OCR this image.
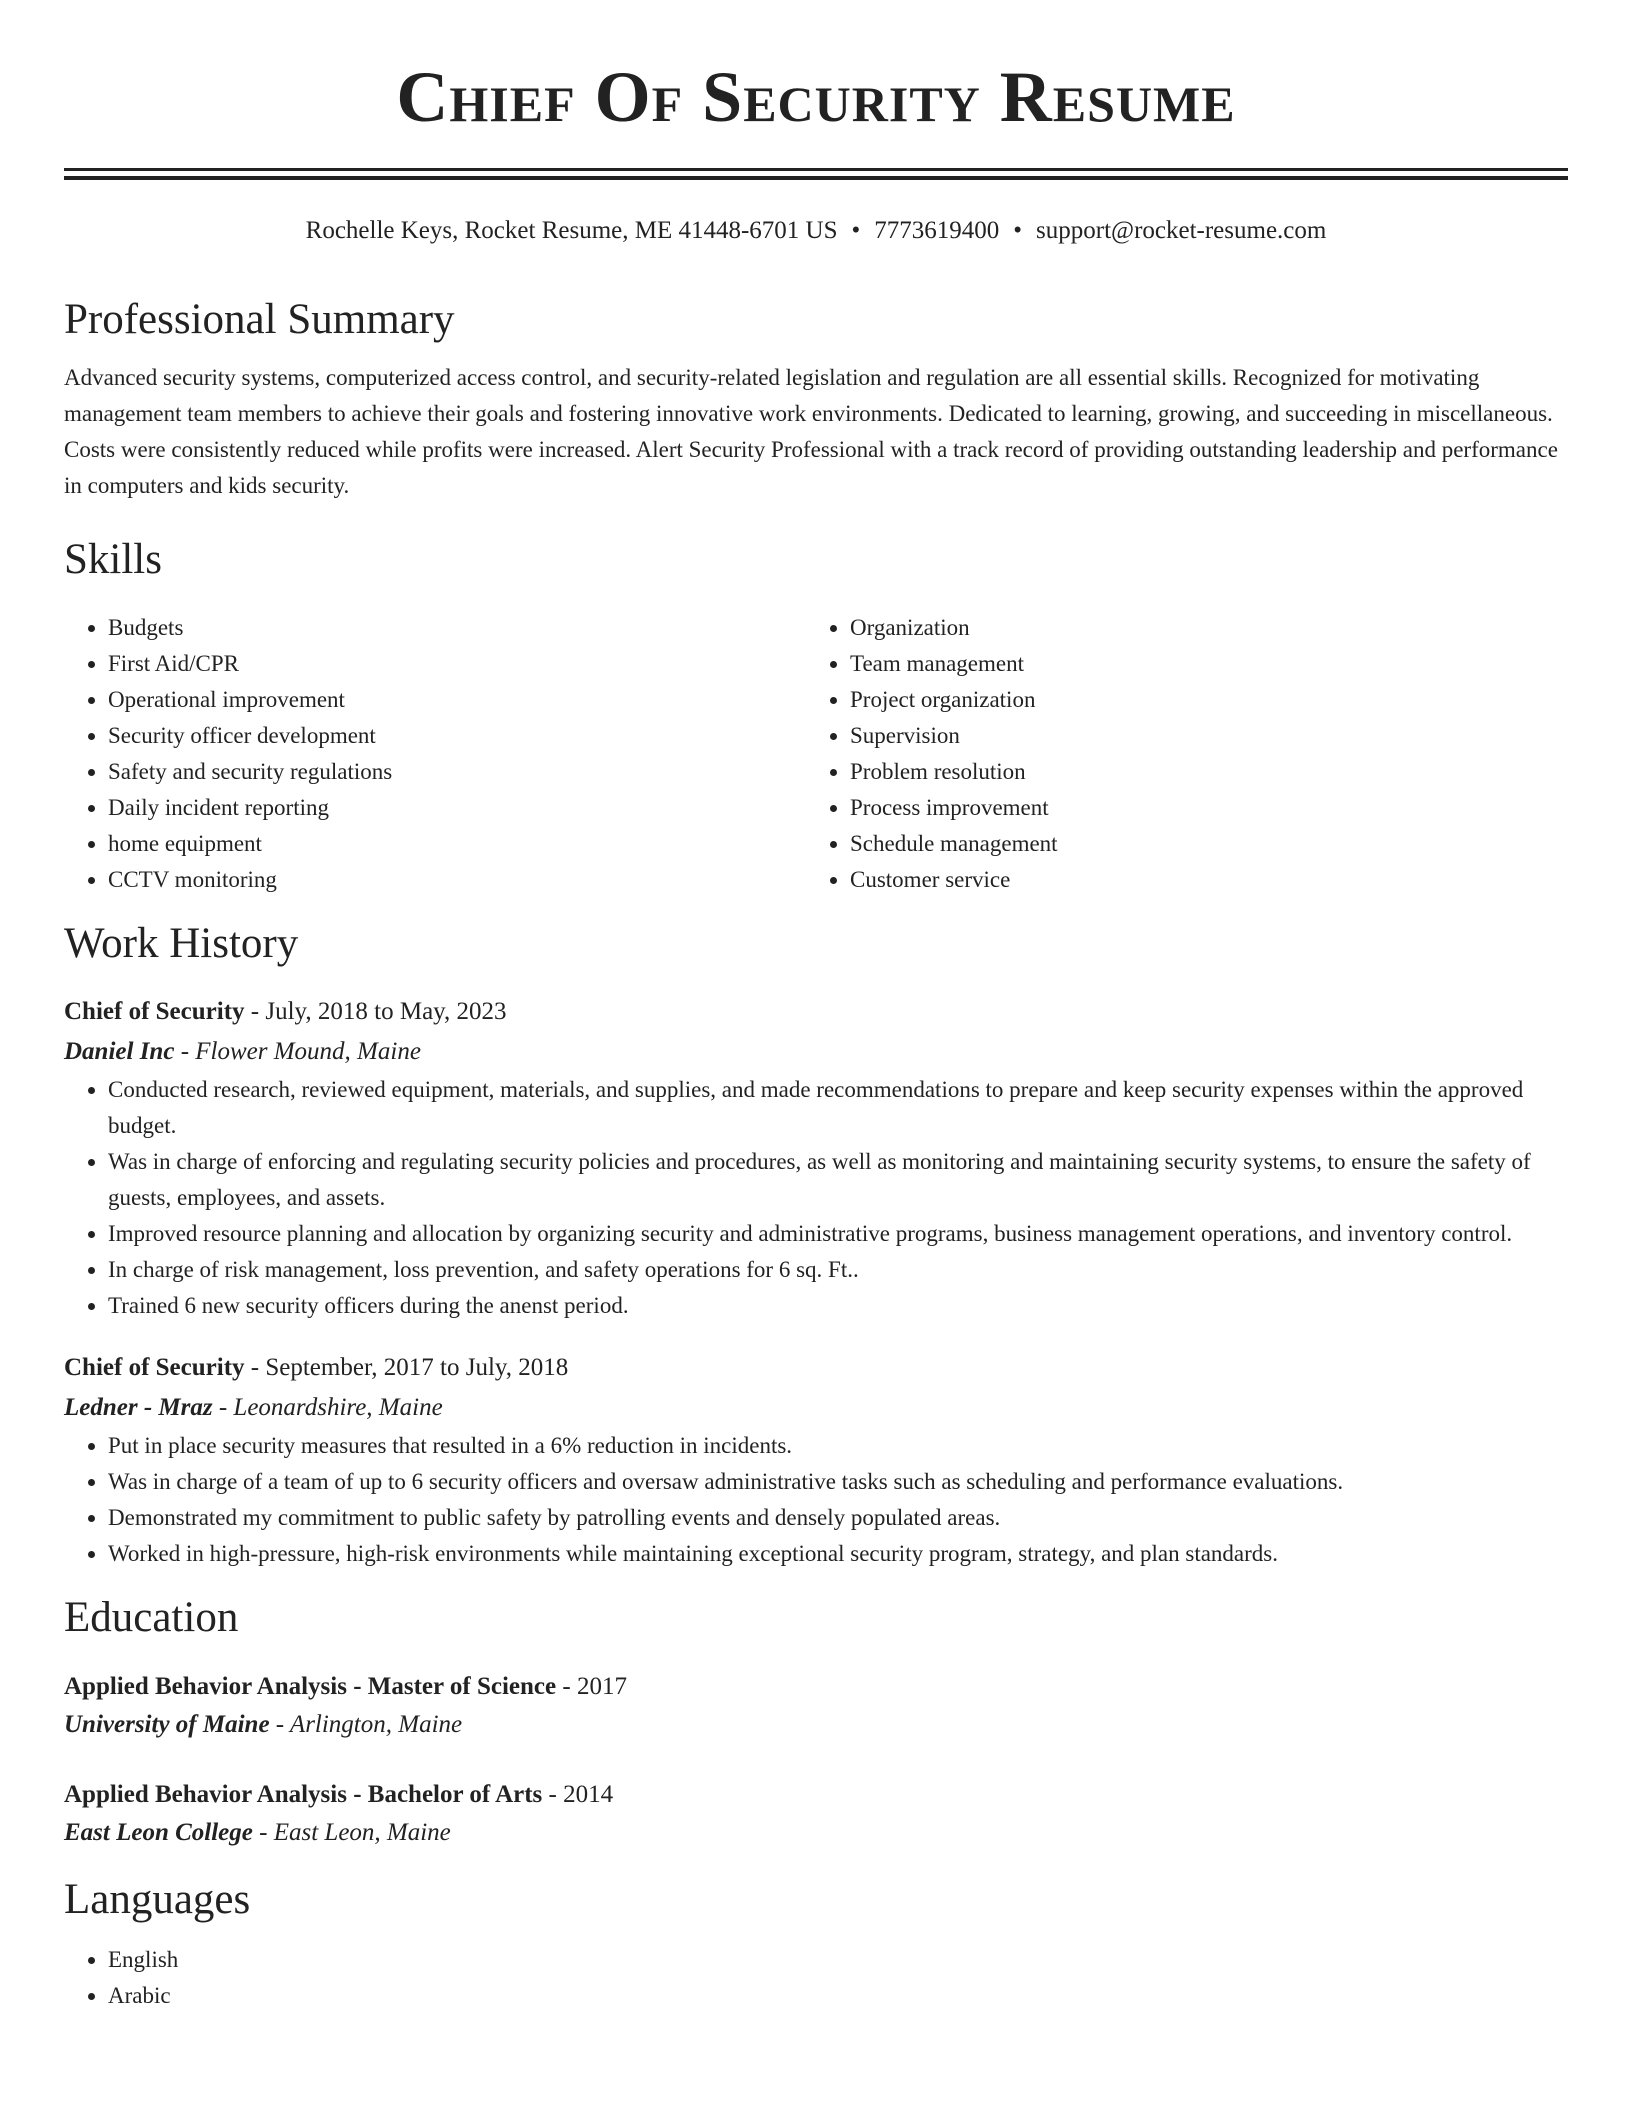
Chief Of Security Resume
Rochelle Keys, Rocket Resume, ME 41448-6701 US • 7773619400 • support@rocket-resume.com
Professional Summary

Advanced security systems, computerized access control, and security-related legislation and regulation are all essential skills. Recognized for motivating management team members to achieve their goals and fostering innovative work environments. Dedicated to learning, growing, and succeeding in miscellaneous. Costs were consistently reduced while profits were increased. Alert Security Professional with a track record of providing outstanding leadership and performance in computers and kids security.

Skills
• Budgets
• First Aid/CPR
• Operational improvement
• Security officer development
• Safety and security regulations
• Daily incident reporting
• home equipment
• CCTV monitoring
• Organization
• Team management
• Project organization
• Supervision
• Problem resolution
• Process improvement
• Schedule management
• Customer service
Work History
Chief of Security - July, 2018 to May, 2023
Daniel Inc - Flower Mound, Maine
• Conducted research, reviewed equipment, materials, and supplies, and made recommendations to prepare and keep security expenses within the approved budget.
• Was in charge of enforcing and regulating security policies and procedures, as well as monitoring and maintaining security systems, to ensure the safety of guests, employees, and assets.
• Improved resource planning and allocation by organizing security and administrative programs, business management operations, and inventory control.
• In charge of risk management, loss prevention, and safety operations for 6 sq. Ft..
• Trained 6 new security officers during the anenst period.
Chief of Security - September, 2017 to July, 2018
Ledner - Mraz - Leonardshire, Maine
• Put in place security measures that resulted in a 6% reduction in incidents.
• Was in charge of a team of up to 6 security officers and oversaw administrative tasks such as scheduling and performance evaluations.
• Demonstrated my commitment to public safety by patrolling events and densely populated areas.
• Worked in high-pressure, high-risk environments while maintaining exceptional security program, strategy, and plan standards.
Education
Applied Behavior Analysis - Master of Science - 2017
University of Maine - Arlington, Maine
Applied Behavior Analysis - Bachelor of Arts - 2014
East Leon College - East Leon, Maine
Languages
• English
• Arabic
